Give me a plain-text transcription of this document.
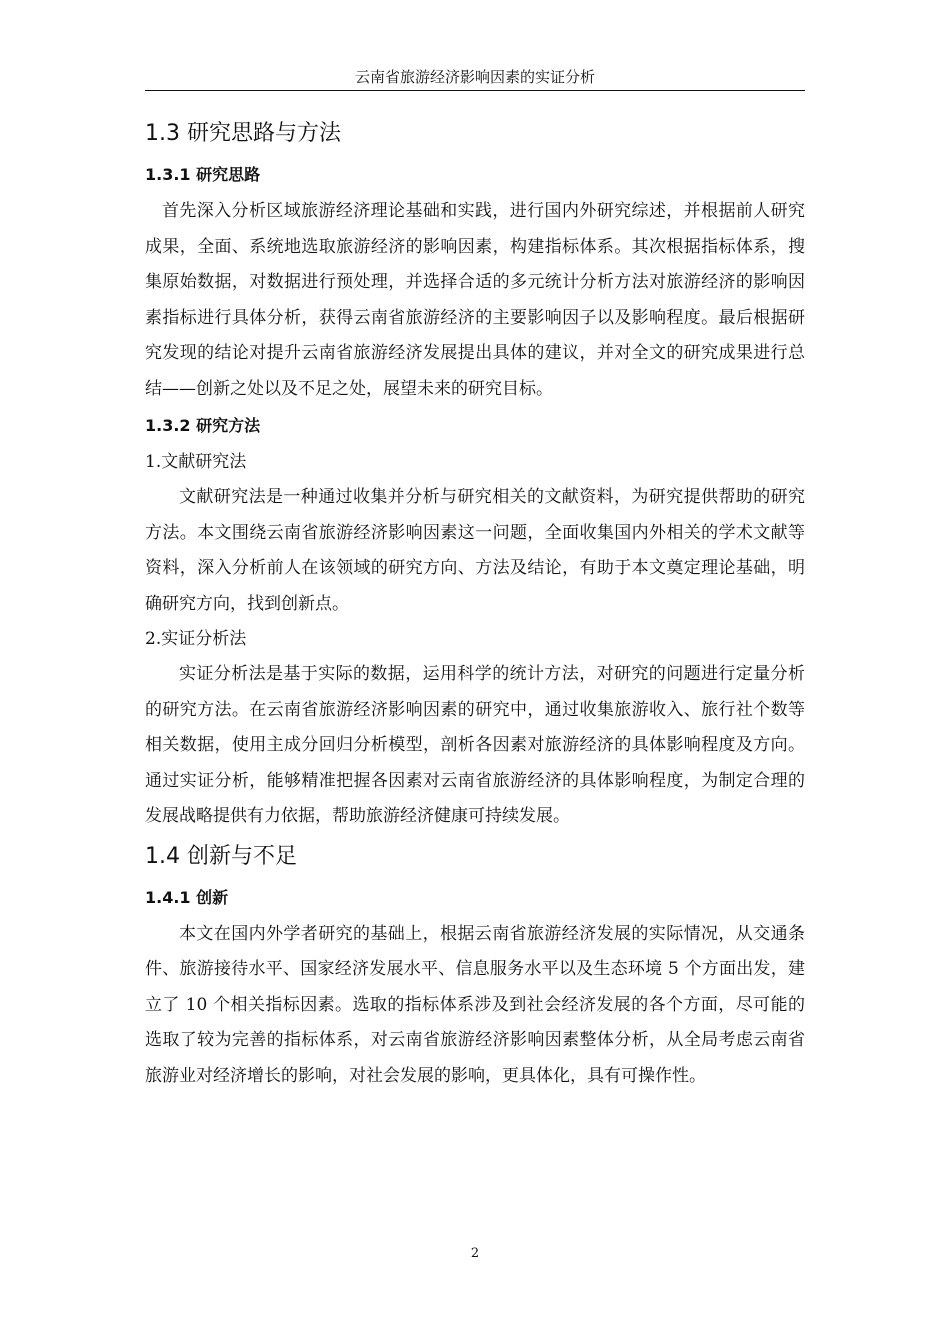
云南省旅游经济影响因素的实证分析
1.3 研究思路与方法
1.3.1 研究思路

首先深入分析区域旅游经济理论基础和实践，进行国内外研究综述，并根据前人研究成果，全面、系统地选取旅游经济的影响因素，构建指标体系。其次根据指标体系，搜集原始数据，对数据进行预处理，并选择合适的多元统计分析方法对旅游经济的影响因素指标进行具体分析，获得云南省旅游经济的主要影响因子以及影响程度。最后根据研究发现的结论对提升云南省旅游经济发展提出具体的建议，并对全文的研究成果进行总结——创新之处以及不足之处，展望未来的研究目标。

1.3.2 研究方法

1.文献研究法

文献研究法是一种通过收集并分析与研究相关的文献资料，为研究提供帮助的研究方法。本文围绕云南省旅游经济影响因素这一问题，全面收集国内外相关的学术文献等资料，深入分析前人在该领域的研究方向、方法及结论，有助于本文奠定理论基础，明确研究方向，找到创新点。

2.实证分析法

实证分析法是基于实际的数据，运用科学的统计方法，对研究的问题进行定量分析的研究方法。在云南省旅游经济影响因素的研究中，通过收集旅游收入、旅行社个数等相关数据，使用主成分回归分析模型，剖析各因素对旅游经济的具体影响程度及方向。通过实证分析，能够精准把握各因素对云南省旅游经济的具体影响程度，为制定合理的发展战略提供有力依据，帮助旅游经济健康可持续发展。

1.4 创新与不足
1.4.1 创新

本文在国内外学者研究的基础上，根据云南省旅游经济发展的实际情况，从交通条件、旅游接待水平、国家经济发展水平、信息服务水平以及生态环境 5 个方面出发，建立了 10 个相关指标因素。选取的指标体系涉及到社会经济发展的各个方面，尽可能的选取了较为完善的指标体系，对云南省旅游经济影响因素整体分析，从全局考虑云南省旅游业对经济增长的影响，对社会发展的影响，更具体化，具有可操作性。

2
